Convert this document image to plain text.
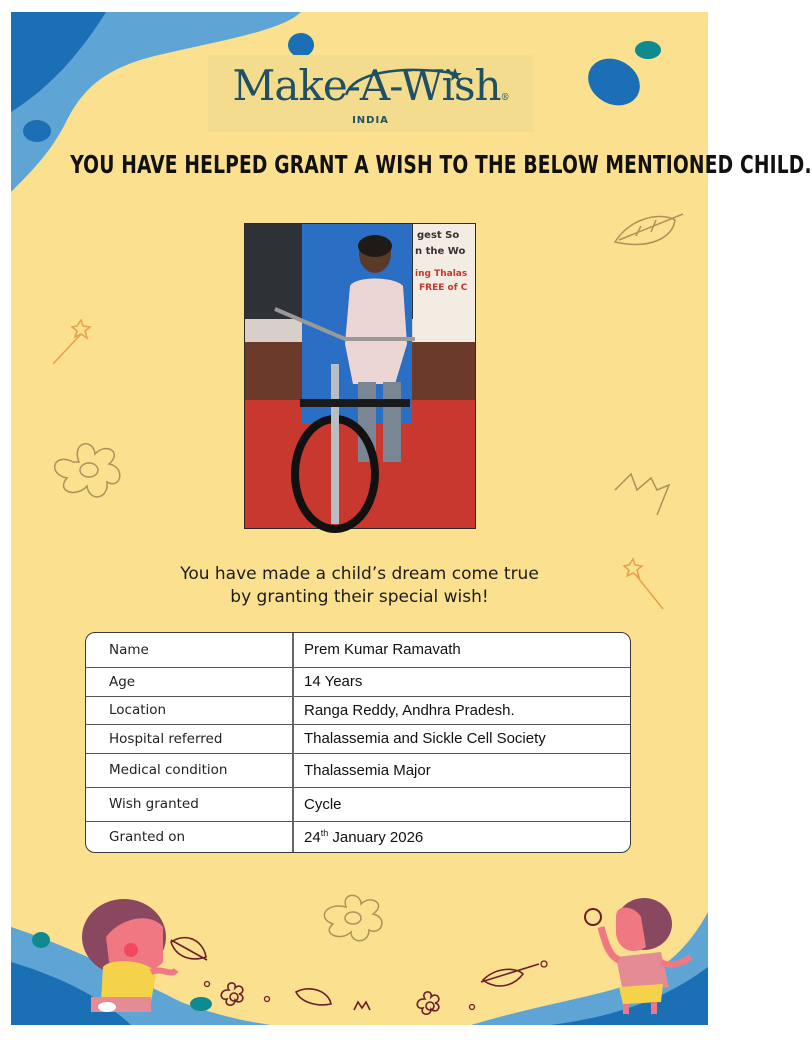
Make-A-Wish®
INDIA
YOU HAVE HELPED GRANT A WISH TO THE BELOW MENTIONED CHILD.
gest So
n the Wo
ing Thalas
FREE of C
You have made a child’s dream come true
by granting their special wish!
Name	Prem Kumar Ramavath
Age	14 Years
Location	Ranga Reddy, Andhra Pradesh.
Hospital referred	Thalassemia and Sickle Cell Society
Medical condition	Thalassemia Major
Wish granted	Cycle
Granted on	24th January 2026
